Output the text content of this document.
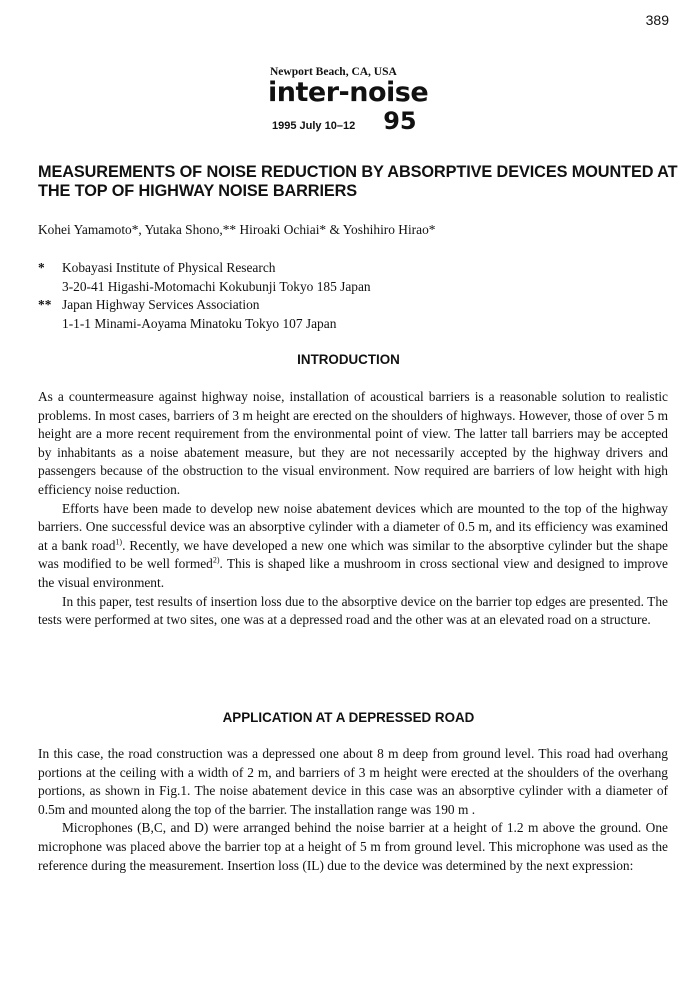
389
Newport Beach, CA, USA
inter-noise
1995 July 10–12 95
MEASUREMENTS OF NOISE REDUCTION BY ABSORPTIVE DEVICES MOUNTED AT THE TOP OF HIGHWAY NOISE BARRIERS
Kohei Yamamoto*, Yutaka Shono,** Hiroaki Ochiai* & Yoshihiro Hirao*
*	Kobayasi Institute of Physical Research
3-20-41 Higashi-Motomachi Kokubunji Tokyo 185 Japan
** Japan Highway Services Association
1-1-1 Minami-Aoyama Minatoku Tokyo 107 Japan
INTRODUCTION

As a countermeasure against highway noise, installation of acoustical barriers is a reasonable solution to realistic problems. In most cases, barriers of 3 m height are erected on the shoulders of highways. However, those of over 5 m height are a more recent requirement from the environmental point of view. The latter tall barriers may be accepted by inhabitants as a noise abatement measure, but they are not necessarily accepted by the highway drivers and passengers because of the obstruction to the visual environment. Now required are barriers of low height with high efficiency noise reduction.

Efforts have been made to develop new noise abatement devices which are mounted to the top of the highway barriers. One successful device was an absorptive cylinder with a diameter of 0.5 m, and its efficiency was examined at a bank road$^{1)}$. Recently, we have developed a new one which was similar to the absorptive cylinder but the shape was modified to be well formed$^{2)}$. This is shaped like a mushroom in cross sectional view and designed to improve the visual environment.

In this paper, test results of insertion loss due to the absorptive device on the barrier top edges are presented. The tests were performed at two sites, one was at a depressed road and the other was at an elevated road on a structure.

APPLICATION AT A DEPRESSED ROAD

In this case, the road construction was a depressed one about 8 m deep from ground level. This road had overhang portions at the ceiling with a width of 2 m, and barriers of 3 m height were erected at the shoulders of the overhang portions, as shown in Fig.1. The noise abatement device in this case was an absorptive cylinder with a diameter of 0.5m and mounted along the top of the barrier. The installation range was 190 m .

Microphones (B,C, and D) were arranged behind the noise barrier at a height of 1.2 m above the ground. One microphone was placed above the barrier top at a height of 5 m from ground level. This microphone was used as the reference during the measurement. Insertion loss (IL) due to the device was determined by the next expression:
